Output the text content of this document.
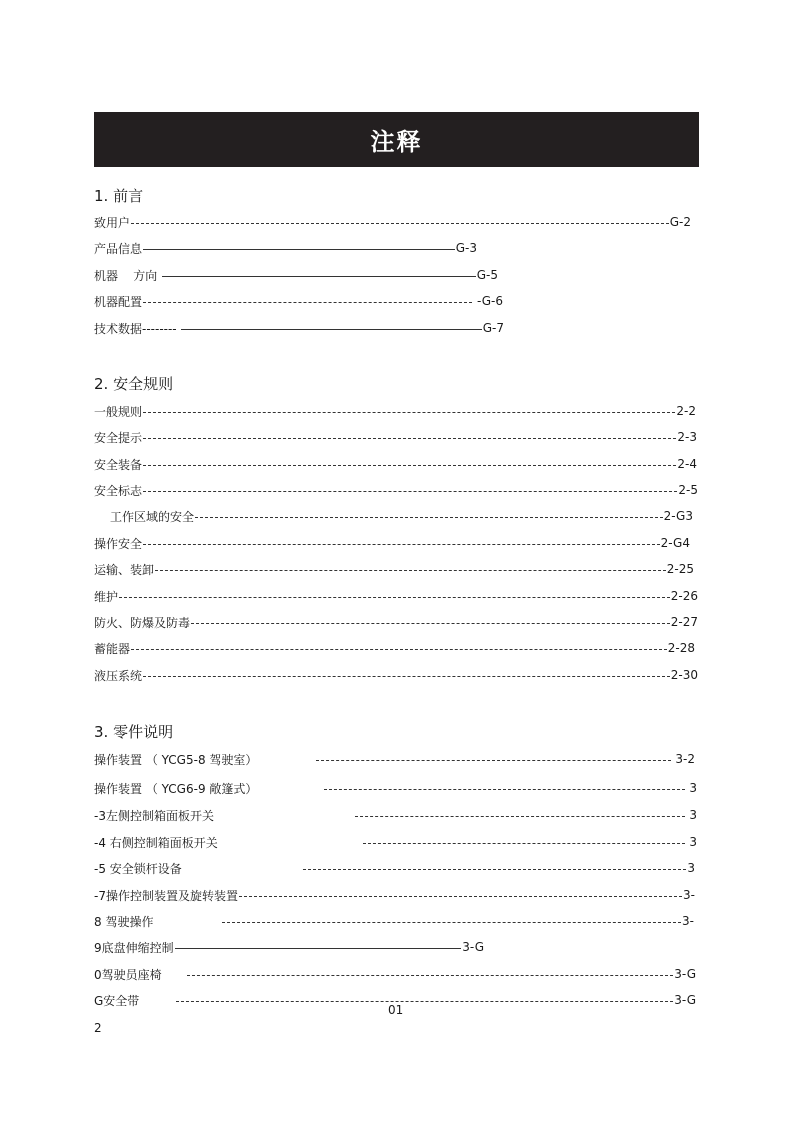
注释
1. 前言
致用户	G-2
产品信息	G-3
机器    方向	G-5
机器配置	-G-6
技术数据--------	G-7
2. 安全规则
一般规则	2-2
安全提示	2-3
安全装备	2-4
安全标志	2-5
工作区域的安全	2-G3
操作安全	2-G4
运输、装卸	2-25
维护	2-26
防火、防爆及防毒	2-27
蓄能器	2-28
液压系统	2-30
3. 零件说明
操作装置 （ YCG5-8 驾驶室）	3-2
操作装置 （ YCG6-9 敞篷式）	3
-3左侧控制箱面板开关	3
-4 右侧控制箱面板开关	3
-5 安全锁杆设备	3
-7操作控制装置及旋转装置	3-
8 驾驶操作	3-
9底盘伸缩控制	3-G
0驾驶员座椅	3-G
G安全带	3-G
01
2
